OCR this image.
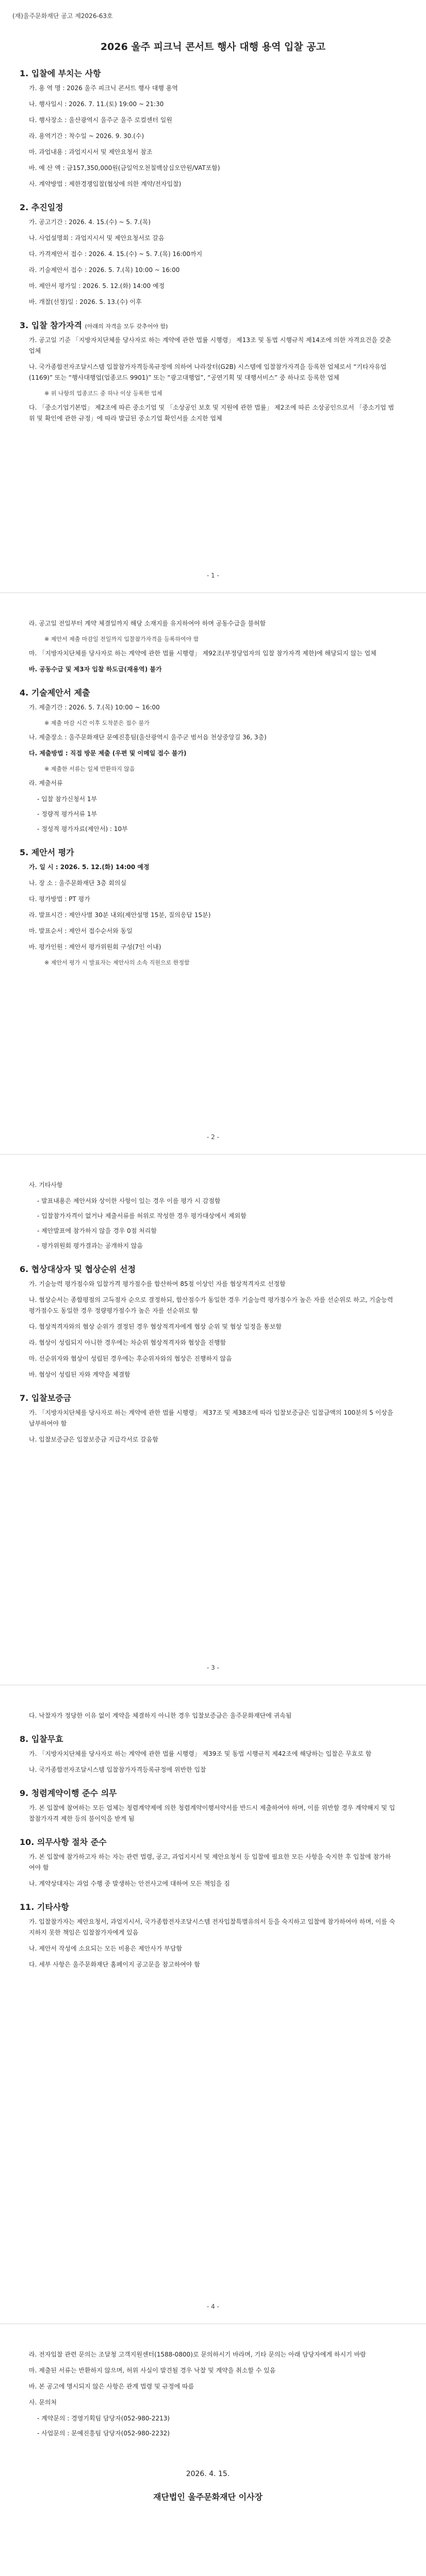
(재)울주문화재단 공고 제2026-63호
2026 울주 피크닉 콘서트 행사 대행 용역 입찰 공고
1. 입찰에 부치는 사항
가. 용 역 명 : 2026 울주 피크닉 콘서트 행사 대행 용역
나. 행사일시 : 2026. 7. 11.(토) 19:00 ~ 21:30
다. 행사장소 : 울산광역시 울주군 울주 로컬센터 일원
라. 용역기간 : 착수일 ~ 2026. 9. 30.(수)
마. 과업내용 : 과업지시서 및 제안요청서 참조
바. 예 산 액 : 금157,350,000원(금일억오천칠백삼십오만원/VAT포함)
사. 계약방법 : 제한경쟁입찰(협상에 의한 계약/전자입찰)
2. 추진일정
가. 공고기간 : 2026. 4. 15.(수) ~ 5. 7.(목)
나. 사업설명회 : 과업지시서 및 제안요청서로 갈음
다. 가격제안서 접수 : 2026. 4. 15.(수) ~ 5. 7.(목) 16:00까지
라. 기술제안서 접수 : 2026. 5. 7.(목) 10:00 ~ 16:00
마. 제안서 평가일 : 2026. 5. 12.(화) 14:00 예정
바. 개찰(선정)일 : 2026. 5. 13.(수) 이후
3. 입찰 참가자격 (아래의 자격을 모두 갖추어야 함)
가. 공고일 기준 「지방자치단체를 당사자로 하는 계약에 관한 법률 시행령」 제13조 및 동법 시행규칙 제14조에 의한 자격요건을 갖춘 업체
나. 국가종합전자조달시스템 입찰참가자격등록규정에 의하여 나라장터(G2B) 시스템에 입찰참가자격을 등록한 업체로서 “기타자유업(1169)” 또는 “행사대행업(업종코드 9901)” 또는 “광고대행업”, “공연기획 및 대행서비스” 중 하나로 등록한 업체
※ 위 나항의 업종코드 중 하나 이상 등록한 업체
다. 「중소기업기본법」 제2조에 따른 중소기업 및 「소상공인 보호 및 지원에 관한 법률」 제2조에 따른 소상공인으로서 「중소기업 범위 및 확인에 관한 규정」에 따라 발급된 중소기업 확인서를 소지한 업체
- 1 -
라. 공고일 전일부터 계약 체결일까지 해당 소재지를 유지하여야 하며 공동수급을 불허함
※ 제안서 제출 마감일 전일까지 입찰참가자격을 등록하여야 함
마. 「지방자치단체를 당사자로 하는 계약에 관한 법률 시행령」 제92조(부정당업자의 입찰 참가자격 제한)에 해당되지 않는 업체
바. 공동수급 및 제3자 입찰 하도급(재용역) 불가
4. 기술제안서 제출
가. 제출기간 : 2026. 5. 7.(목) 10:00 ~ 16:00
※ 제출 마감 시간 이후 도착분은 접수 불가
나. 제출장소 : 울주문화재단 문예진흥팀(울산광역시 울주군 범서읍 천상중앙길 36, 3층)
다. 제출방법 : 직접 방문 제출 (우편 및 이메일 접수 불가)
※ 제출한 서류는 일체 반환하지 않음
라. 제출서류
- 입찰 참가신청서 1부
- 정량적 평가서류 1부
- 정성적 평가자료(제안서) : 10부
5. 제안서 평가
가. 일 시 : 2026. 5. 12.(화) 14:00 예정
나. 장 소 : 울주문화재단 3층 회의실
다. 평가방법 : PT 평가
라. 발표시간 : 제안사별 30분 내외(제안설명 15분, 질의응답 15분)
마. 발표순서 : 제안서 접수순서와 동일
바. 평가인원 : 제안서 평가위원회 구성(7인 이내)
※ 제안서 평가 시 발표자는 제안사의 소속 직원으로 한정함
- 2 -
사. 기타사항
- 발표내용은 제안서와 상이한 사항이 있는 경우 이를 평가 시 감점함
- 입찰참가자격이 없거나 제출서류를 허위로 작성한 경우 평가대상에서 제외함
- 제안발표에 참가하지 않을 경우 0점 처리함
- 평가위원회 평가결과는 공개하지 않음
6. 협상대상자 및 협상순위 선정
가. 기술능력 평가점수와 입찰가격 평가점수를 합산하여 85점 이상인 자를 협상적격자로 선정함
나. 협상순서는 종합평점의 고득점자 순으로 결정하되, 합산점수가 동일한 경우 기술능력 평가점수가 높은 자를 선순위로 하고, 기술능력 평가점수도 동일한 경우 정량평가점수가 높은 자를 선순위로 함
다. 협상적격자와의 협상 순위가 결정된 경우 협상적격자에게 협상 순위 및 협상 일정을 통보함
라. 협상이 성립되지 아니한 경우에는 차순위 협상적격자와 협상을 진행함
마. 선순위자와 협상이 성립된 경우에는 후순위자와의 협상은 진행하지 않음
바. 협상이 성립된 자와 계약을 체결함
7. 입찰보증금
가. 「지방자치단체를 당사자로 하는 계약에 관한 법률 시행령」 제37조 및 제38조에 따라 입찰보증금은 입찰금액의 100분의 5 이상을 납부하여야 함
나. 입찰보증금은 입찰보증금 지급각서로 갈음함
- 3 -
다. 낙찰자가 정당한 이유 없이 계약을 체결하지 아니한 경우 입찰보증금은 울주문화재단에 귀속됨
8. 입찰무효
가. 「지방자치단체를 당사자로 하는 계약에 관한 법률 시행령」 제39조 및 동법 시행규칙 제42조에 해당하는 입찰은 무효로 함
나. 국가종합전자조달시스템 입찰참가자격등록규정에 위반한 입찰
9. 청렴계약이행 준수 의무
가. 본 입찰에 참여하는 모든 업체는 청렴계약제에 의한 청렴계약이행서약서를 반드시 제출하여야 하며, 이를 위반할 경우 계약해지 및 입찰참가자격 제한 등의 불이익을 받게 됨
10. 의무사항 절차 준수
가. 본 입찰에 참가하고자 하는 자는 관련 법령, 공고, 과업지시서 및 제안요청서 등 입찰에 필요한 모든 사항을 숙지한 후 입찰에 참가하여야 함
나. 계약상대자는 과업 수행 중 발생하는 안전사고에 대하여 모든 책임을 짐
11. 기타사항
가. 입찰참가자는 제안요청서, 과업지시서, 국가종합전자조달시스템 전자입찰특별유의서 등을 숙지하고 입찰에 참가하여야 하며, 이를 숙지하지 못한 책임은 입찰참가자에게 있음
나. 제안서 작성에 소요되는 모든 비용은 제안사가 부담함
다. 세부 사항은 울주문화재단 홈페이지 공고문을 참고하여야 함
- 4 -
라. 전자입찰 관련 문의는 조달청 고객지원센터(1588-0800)로 문의하시기 바라며, 기타 문의는 아래 담당자에게 하시기 바람
마. 제출된 서류는 반환하지 않으며, 허위 사실이 발견될 경우 낙찰 및 계약을 취소할 수 있음
바. 본 공고에 명시되지 않은 사항은 관계 법령 및 규정에 따름
사. 문의처
- 계약문의 : 경영기획팀 담당자(052-980-2213)
- 사업문의 : 문예진흥팀 담당자(052-980-2232)
2026. 4. 15.
재단법인 울주문화재단 이사장
